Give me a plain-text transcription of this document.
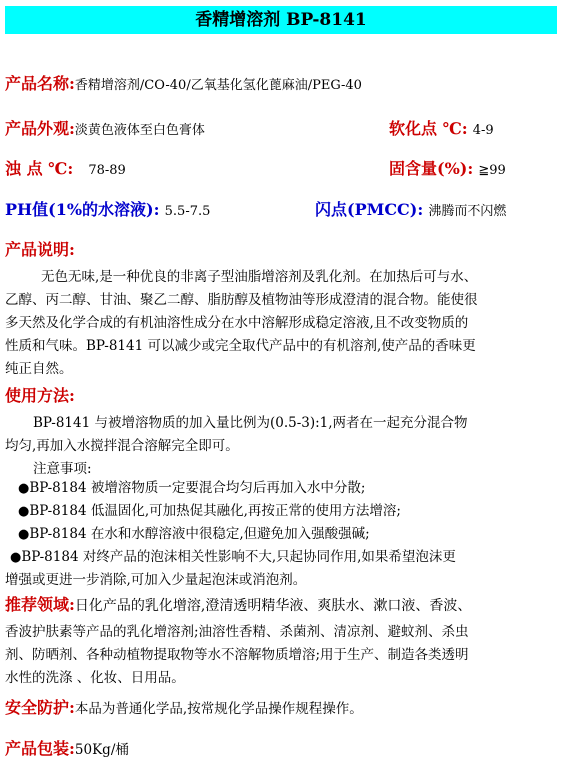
香精增溶剂 BP-8141
产品名称:香精增溶剂/CO-40/乙氧基化氢化蓖麻油/PEG-40
产品外观:淡黄色液体至白色膏体	软化点 ℃: 4-9
浊 点 ℃: 78-89	固含量(%): ≧99
PH值(1%的水溶液): 5.5-7.5	闪点(PMCC): 沸腾而不闪燃
产品说明:
无色无味,是一种优良的非离子型油脂增溶剂及乳化剂。在加热后可与水、
乙醇、丙二醇、甘油、聚乙二醇、脂肪醇及植物油等形成澄清的混合物。能使很
多天然及化学合成的有机油溶性成分在水中溶解形成稳定溶液,且不改变物质的
性质和气味。BP-8141 可以减少或完全取代产品中的有机溶剂,使产品的香味更
纯正自然。
使用方法:
BP-8141 与被增溶物质的加入量比例为(0.5-3):1,两者在一起充分混合物
均匀,再加入水搅拌混合溶解完全即可。
注意事项:
●BP-8184 被增溶物质一定要混合均匀后再加入水中分散;
●BP-8184 低温固化,可加热促其融化,再按正常的使用方法增溶;
●BP-8184 在水和水醇溶液中很稳定,但避免加入强酸强碱;
●BP-8184 对终产品的泡沫相关性影响不大,只起协同作用,如果希望泡沫更
增强或更进一步消除,可加入少量起泡沫或消泡剂。
推荐领域:日化产品的乳化增溶,澄清透明精华液、爽肤水、漱口液、香波、
香波护肤素等产品的乳化增溶剂;油溶性香精、杀菌剂、清凉剂、避蚊剂、杀虫
剂、防晒剂、各种动植物提取物等水不溶解物质增溶;用于生产、制造各类透明
水性的洗涤 、化妆、日用品。
安全防护:本品为普通化学品,按常规化学品操作规程操作。
产品包装:50Kg/桶
